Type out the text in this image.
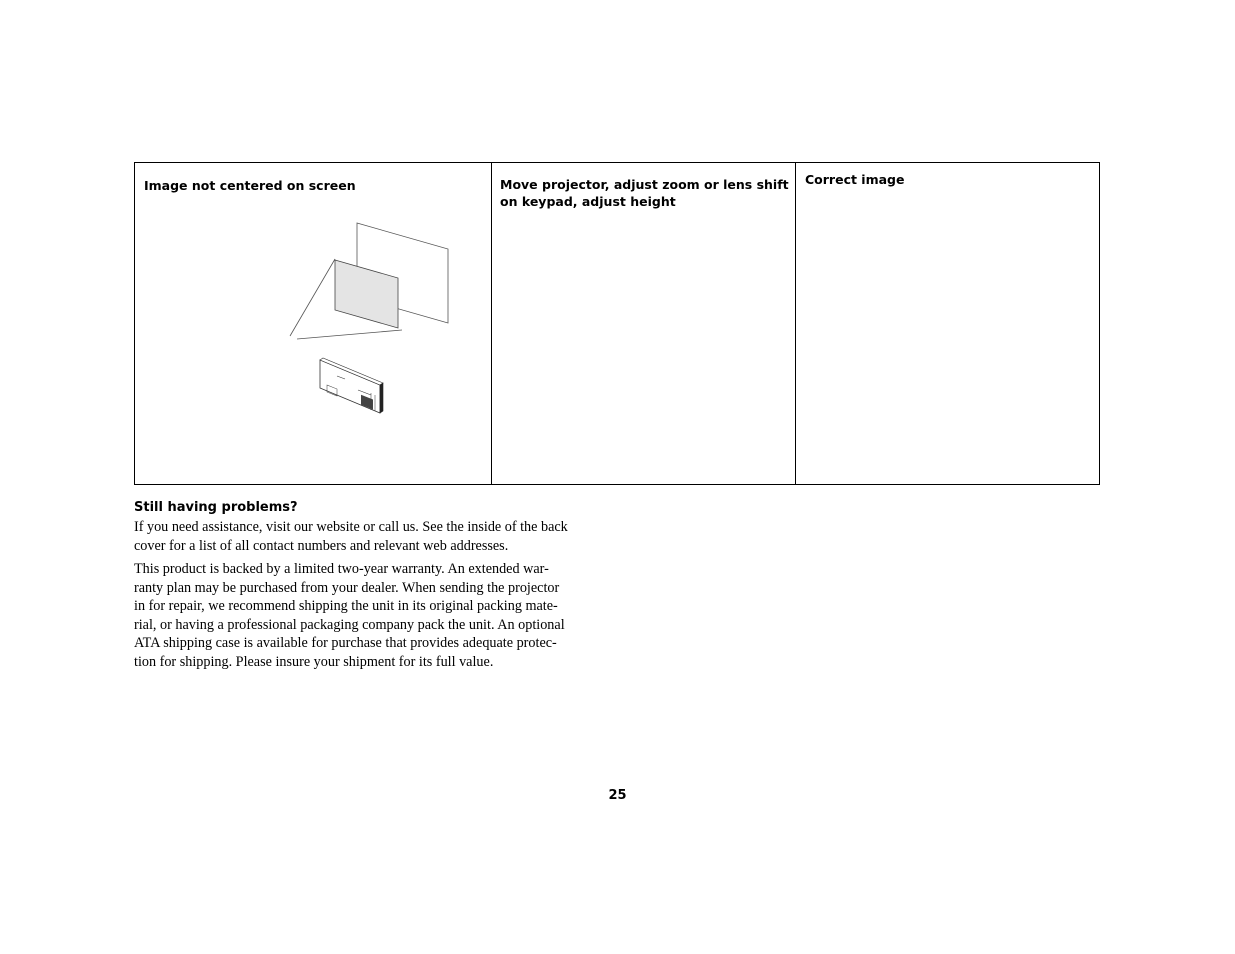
Image not centered on screen	Move projector, adjust zoom or lens shift on keypad, adjust height
Correct image
Still having problems?

If you need assistance, visit our website or call us. See the inside of the back
cover for a list of all contact numbers and relevant web addresses.

This product is backed by a limited two-year warranty. An extended war-
ranty plan may be purchased from your dealer. When sending the projector
in for repair, we recommend shipping the unit in its original packing mate-
rial, or having a professional packaging company pack the unit. An optional
ATA shipping case is available for purchase that provides adequate protec-
tion for shipping. Please insure your shipment for its full value.

25
